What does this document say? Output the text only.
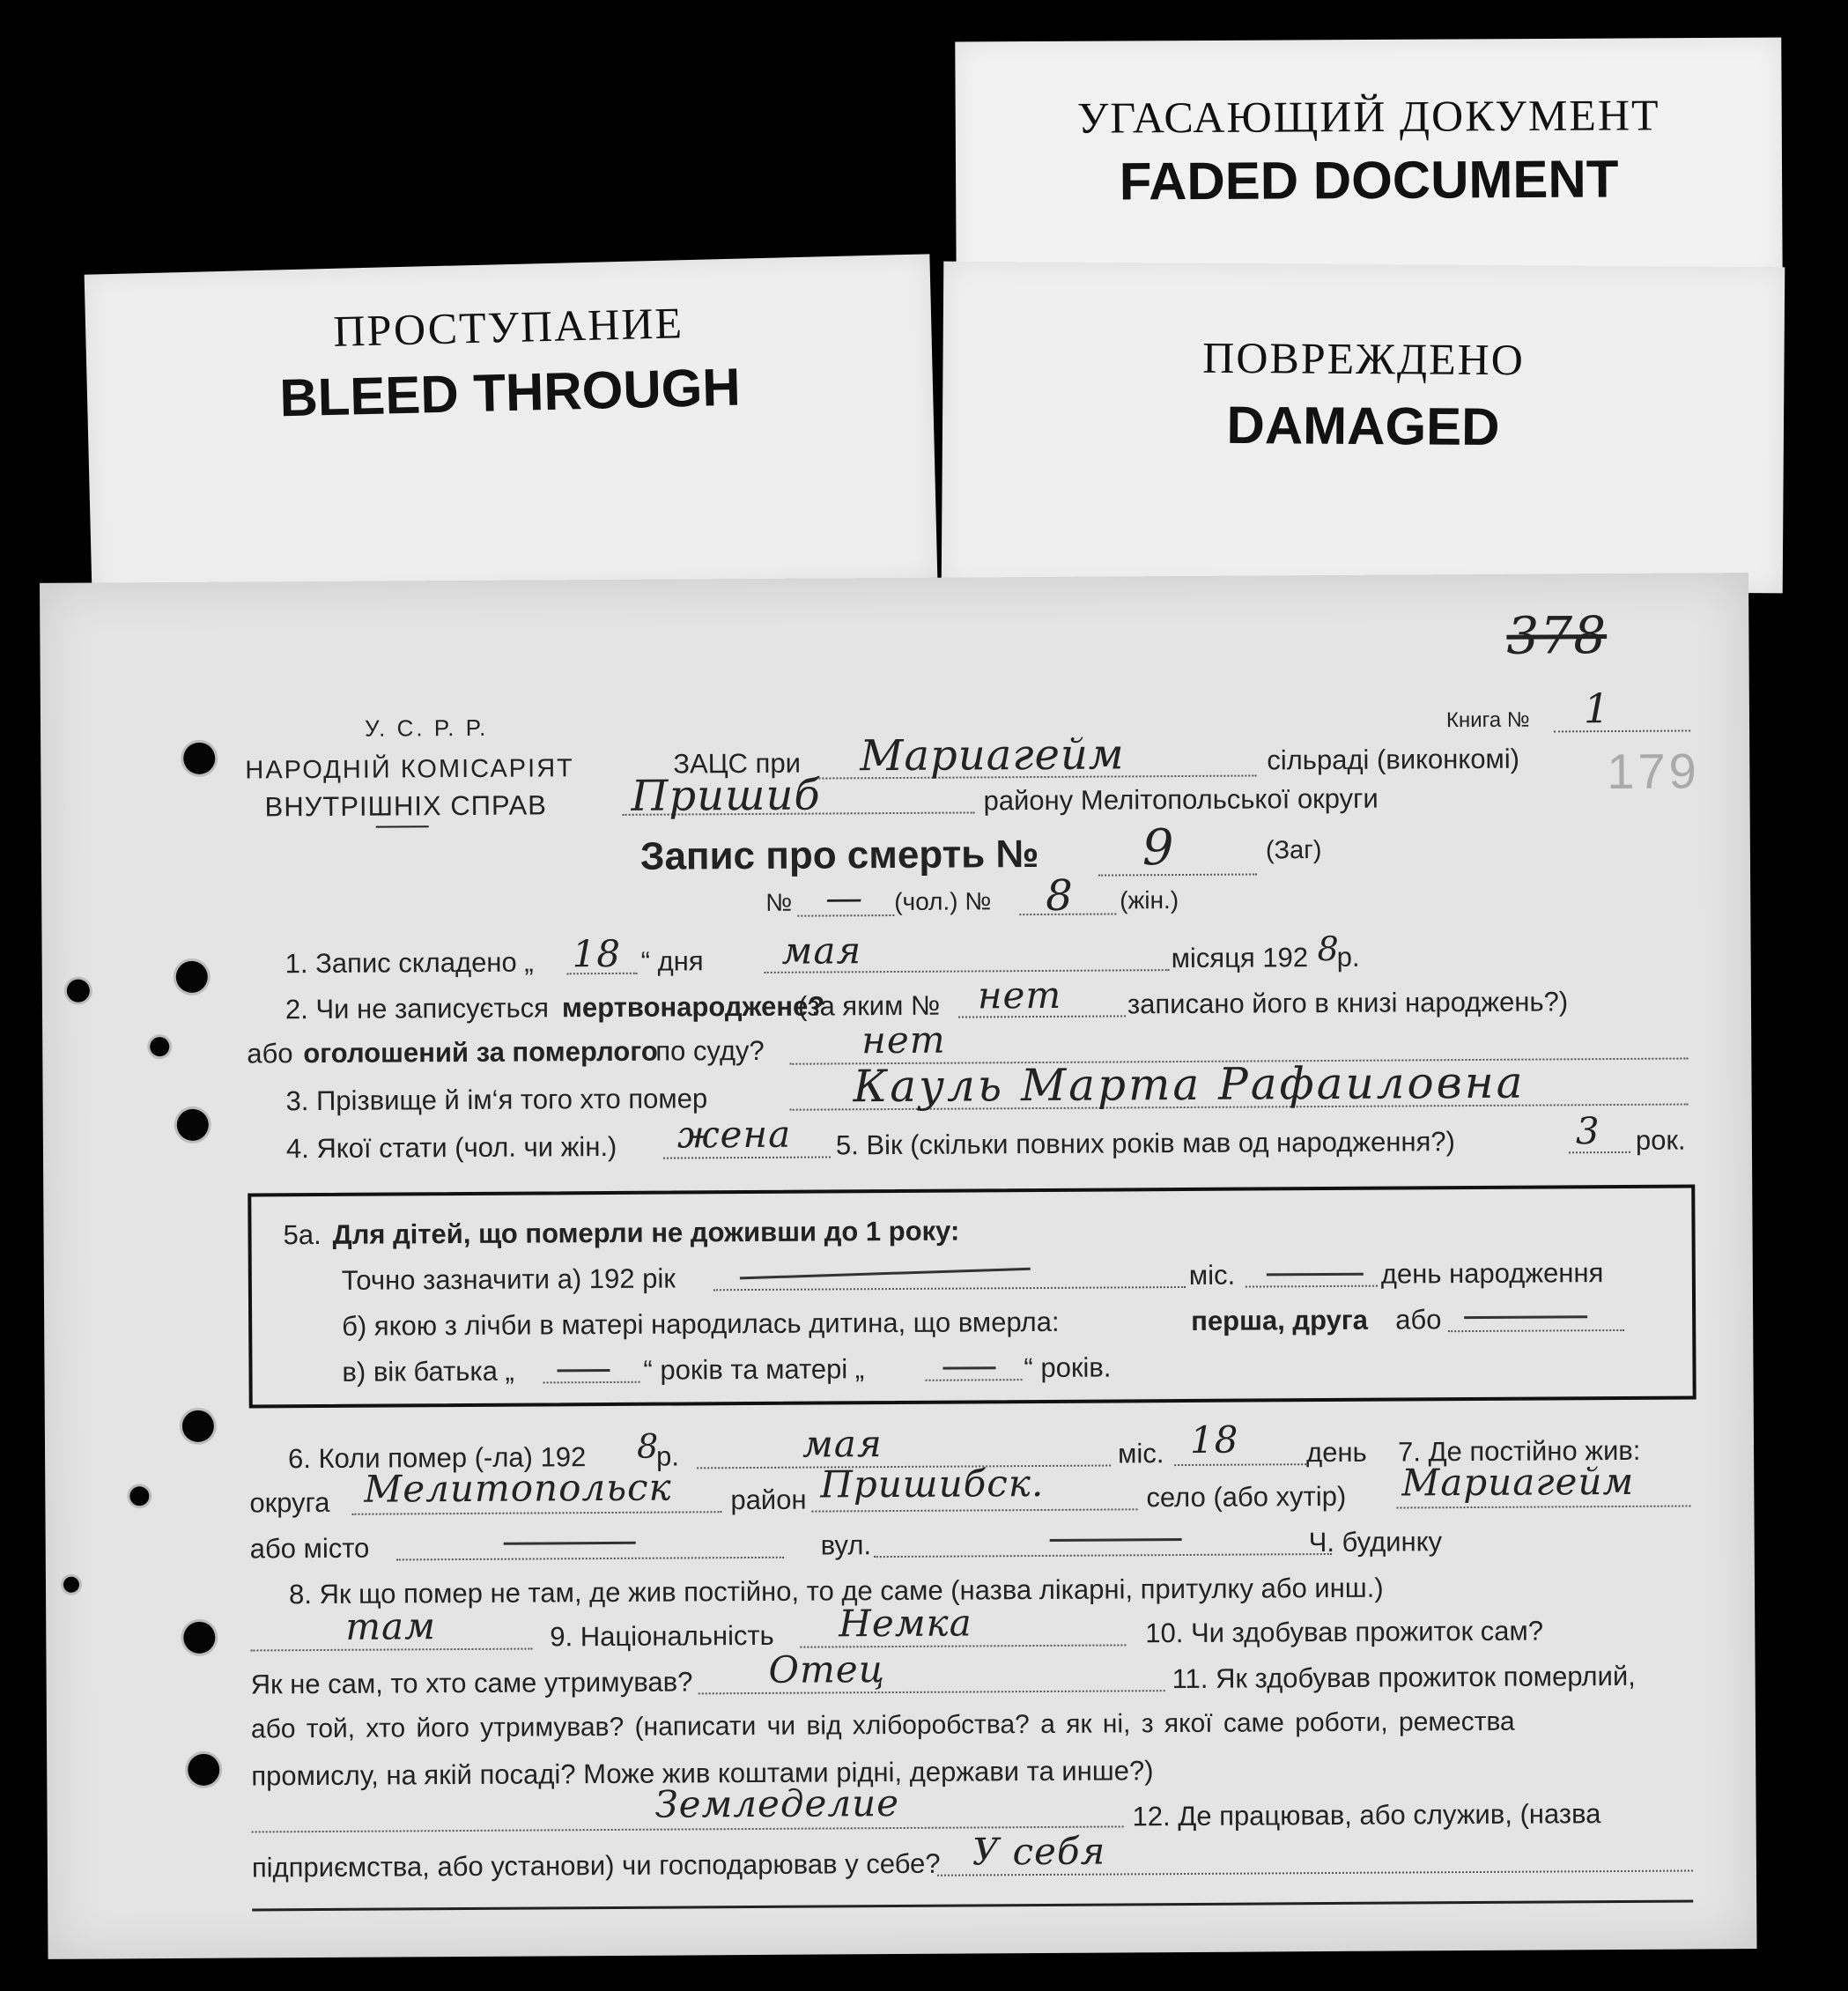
УГАСАЮЩИЙ ДОКУМЕНТ
FADED DOCUMENT
ПОВРЕЖДЕНО
DAMAGED
ПРОСТУПАНИЕ
BLEED THROUGH
378
У. С. Р. Р.
НАРОДНІЙ КОМІСАРІЯТ
ВНУТРІШНІХ СПРАВ
Книга № 1
179
ЗАЦС при Мариагейм	сільраді (виконкомі)
Пришиб	району Мелітопольської округи
Запис про смерть № 9	(Заг)
№ — (чол.) № 8 (жін.)
1. Запис складено „ 18 “ дня мая	місяця 192 8
р.
2. Чи не записується мертвонароджене?
(за яким № нет записано його в книзі народжень?)
або оголошений за померлого
по суду?	нет
3. Прізвище й ім‘я того хто помер	Кауль Марта Рафаиловна
4. Якої стати (чол. чи жін.) жена 5. Вік (скільки повних років мав од народження?)	3 рок.
5а. Для дітей, що померли не доживши до 1 року:
Точно зазначити а) 192 рік	міс.	день народження
б) якою з лічби в матері народилась дитина, що вмерла:	перша, друга або
в) вік батька „	“ років та матері „	“ років.
6. Коли помер (-ла) 192 8
р.	мая	міс. 18 день 7. Де постійно жив:
округа Мелитопольск район Пришибск.	село (або хутір) Мариагейм
або місто	вул.	Ч. будинку
8. Як що помер не там, де жив постійно, то де саме (назва лікарні, притулку або инш.)
там	9. Національність Немка	10. Чи здобував прожиток сам?
Як не сам, то хто саме утримував? Отец	11. Як здобував прожиток померлий,
або той, хто його утримував? (написати чи від хліборобства? а як ні, з якої саме роботи, ремества
промислу, на якій посаді? Може жив коштами рідні, держави та инше?)
Земледелие	12. Де працював, або служив, (назва
підприємства, або установи) чи господарював у себе? У себя
